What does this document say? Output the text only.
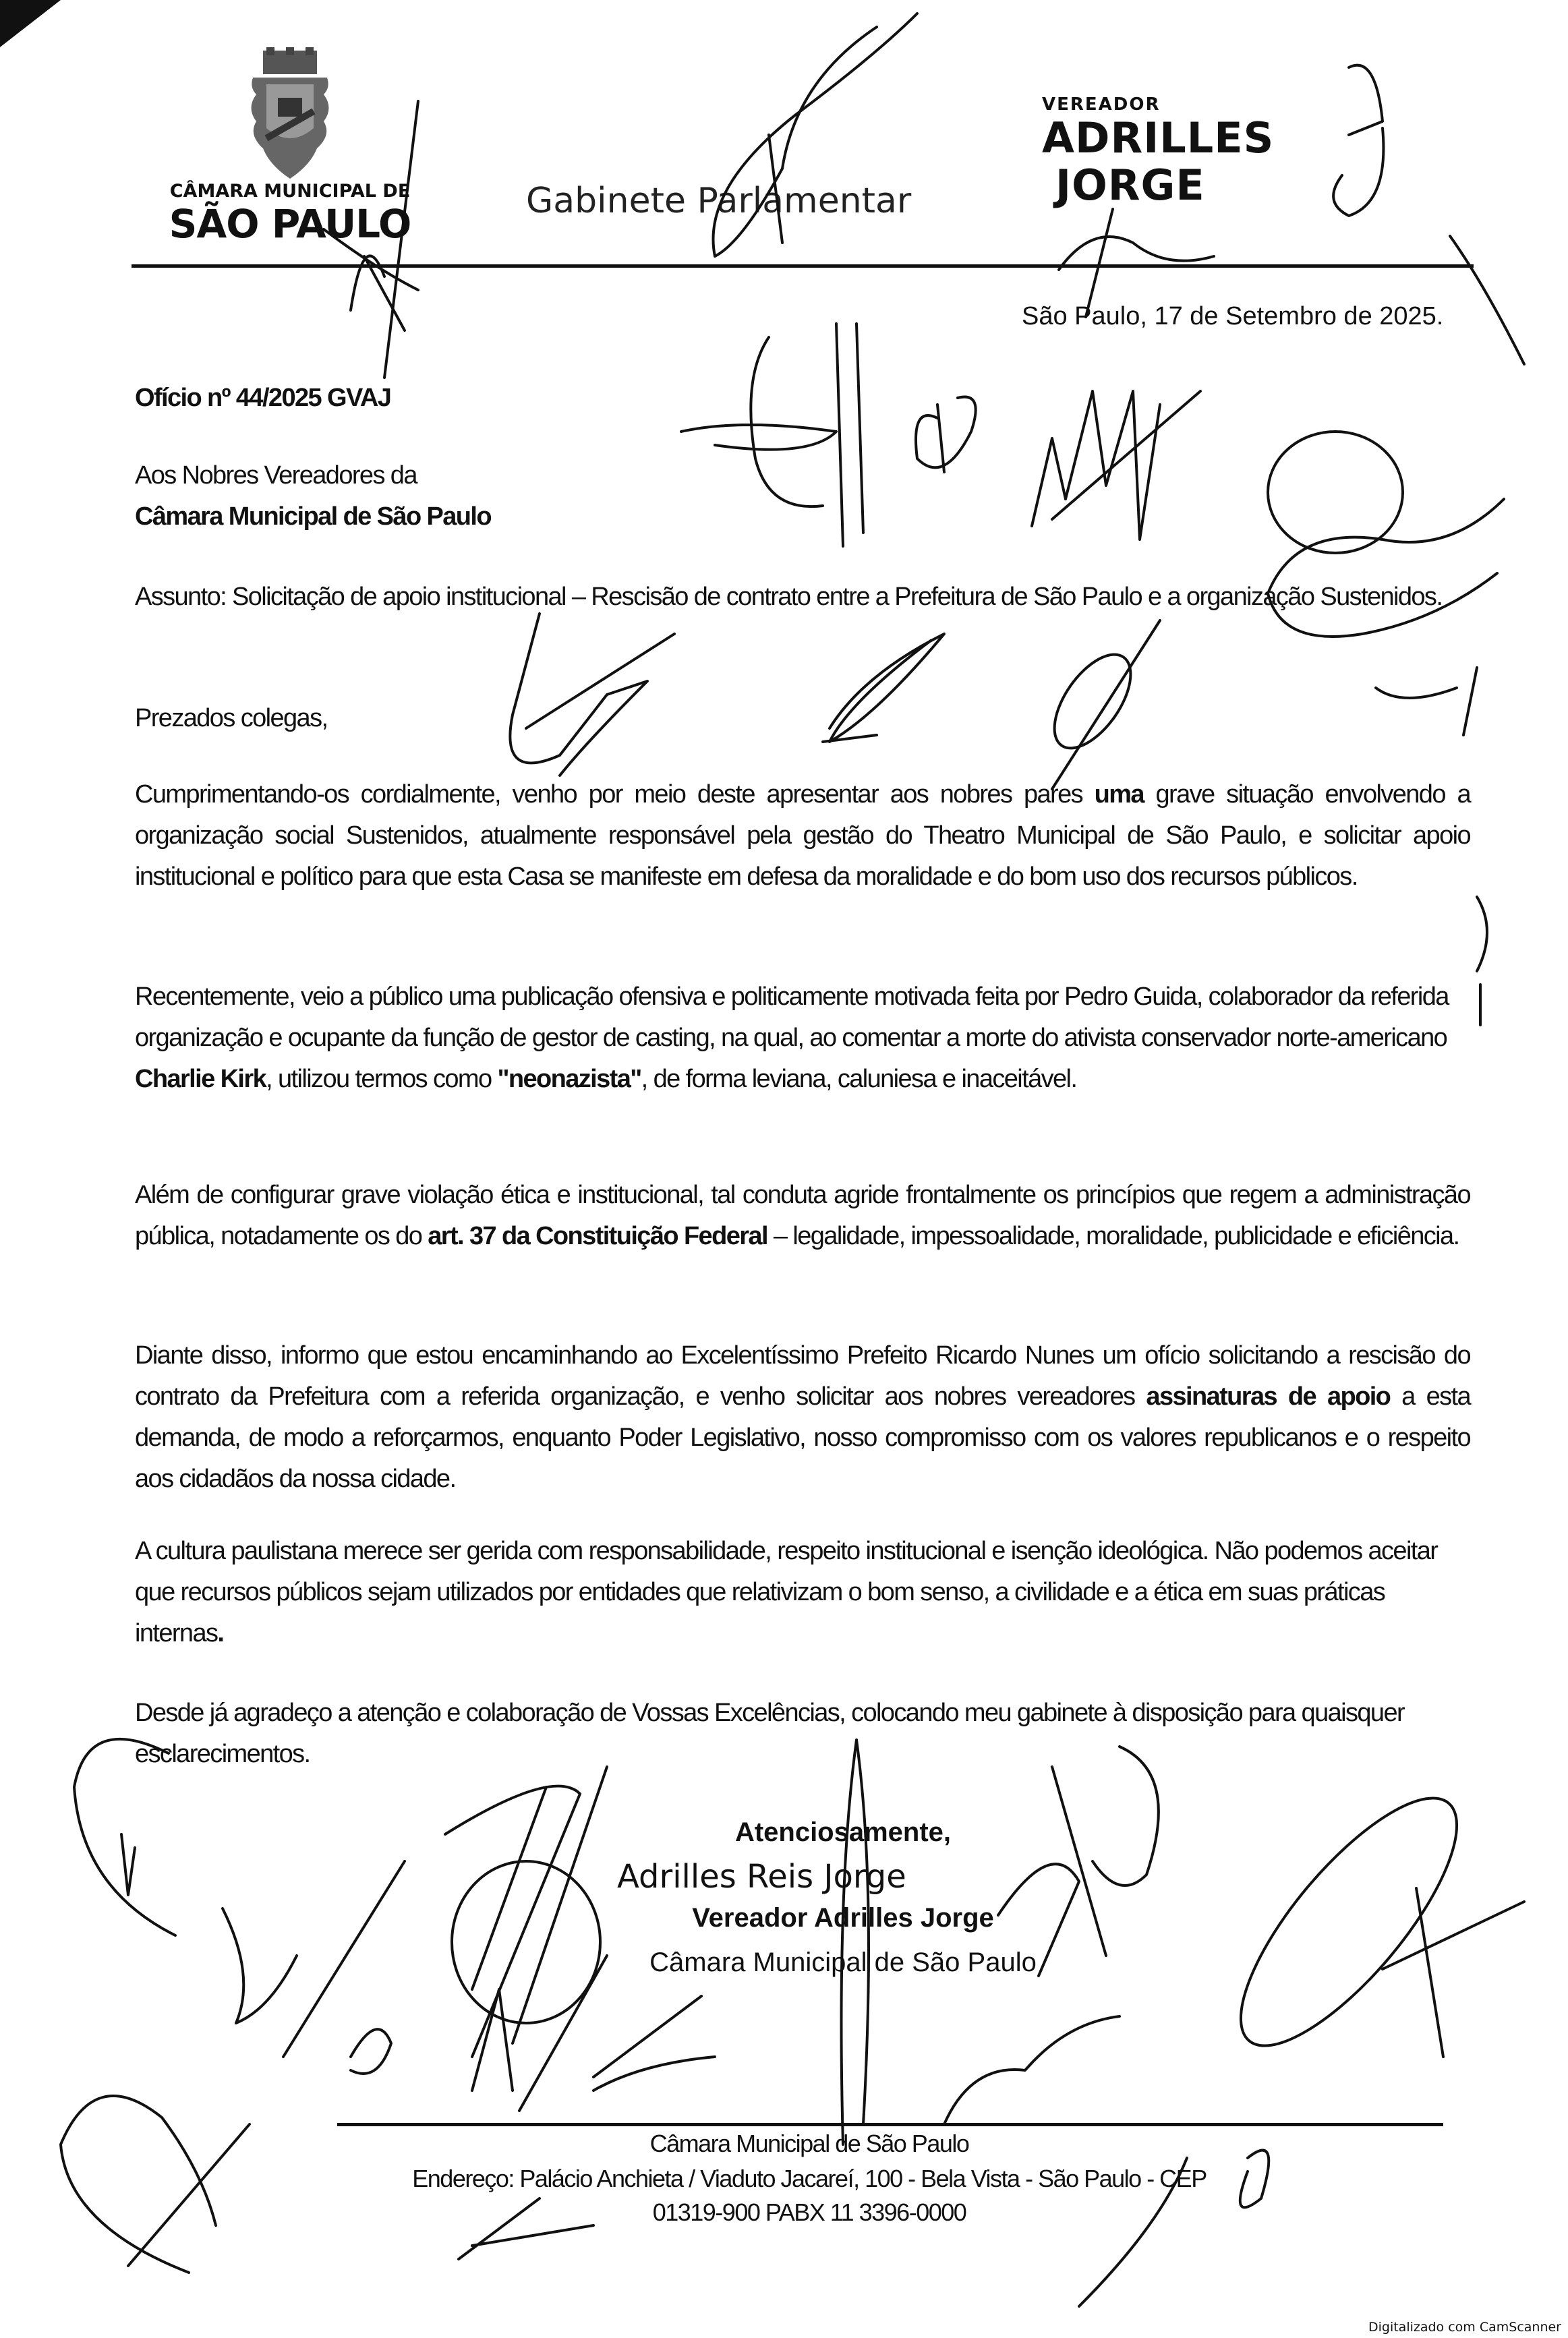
CÂMARA MUNICIPAL DE
SÃO PAULO	Gabinete Parlamentar
VEREADOR
ADRILLES
JORGE
São Paulo, 17 de Setembro de 2025.
Ofício nº 44/2025 GVAJ
Aos Nobres Vereadores da
Câmara Municipal de São Paulo
Assunto: Solicitação de apoio institucional – Rescisão de contrato entre a Prefeitura de São Paulo e a organização Sustenidos.
Prezados colegas,
Cumprimentando-os cordialmente, venho por meio deste apresentar aos nobres pares uma grave situação envolvendo a organização social Sustenidos, atualmente responsável pela gestão do Theatro Municipal de São Paulo, e solicitar apoio institucional e político para que esta Casa se manifeste em defesa da moralidade e do bom uso dos recursos públicos.
Recentemente, veio a público uma publicação ofensiva e politicamente motivada feita por Pedro Guida, colaborador da referida organização e ocupante da função de gestor de casting, na qual, ao comentar a morte do ativista conservador norte-americano Charlie Kirk, utilizou termos como "neonazista", de forma leviana, caluniesa e inaceitável.
Além de configurar grave violação ética e institucional, tal conduta agride frontalmente os princípios que regem a administração pública, notadamente os do art. 37 da Constituição Federal – legalidade, impessoalidade, moralidade, publicidade e eficiência.
Diante disso, informo que estou encaminhando ao Excelentíssimo Prefeito Ricardo Nunes um ofício solicitando a rescisão do contrato da Prefeitura com a referida organização, e venho solicitar aos nobres vereadores assinaturas de apoio a esta demanda, de modo a reforçarmos, enquanto Poder Legislativo, nosso compromisso com os valores republicanos e o respeito aos cidadãos da nossa cidade.
A cultura paulistana merece ser gerida com responsabilidade, respeito institucional e isenção ideológica. Não podemos aceitar que recursos públicos sejam utilizados por entidades que relativizam o bom senso, a civilidade e a ética em suas práticas internas.
Desde já agradeço a atenção e colaboração de Vossas Excelências, colocando meu gabinete à disposição para quaisquer esclarecimentos.
Atenciosamente,
Adrilles Reis Jorge
Vereador Adrilles Jorge
Câmara Municipal de São Paulo
Câmara Municipal de São Paulo
Endereço: Palácio Anchieta / Viaduto Jacareí, 100 - Bela Vista - São Paulo - CEP
01319-900 PABX 11 3396-0000
Digitalizado com CamScanner
